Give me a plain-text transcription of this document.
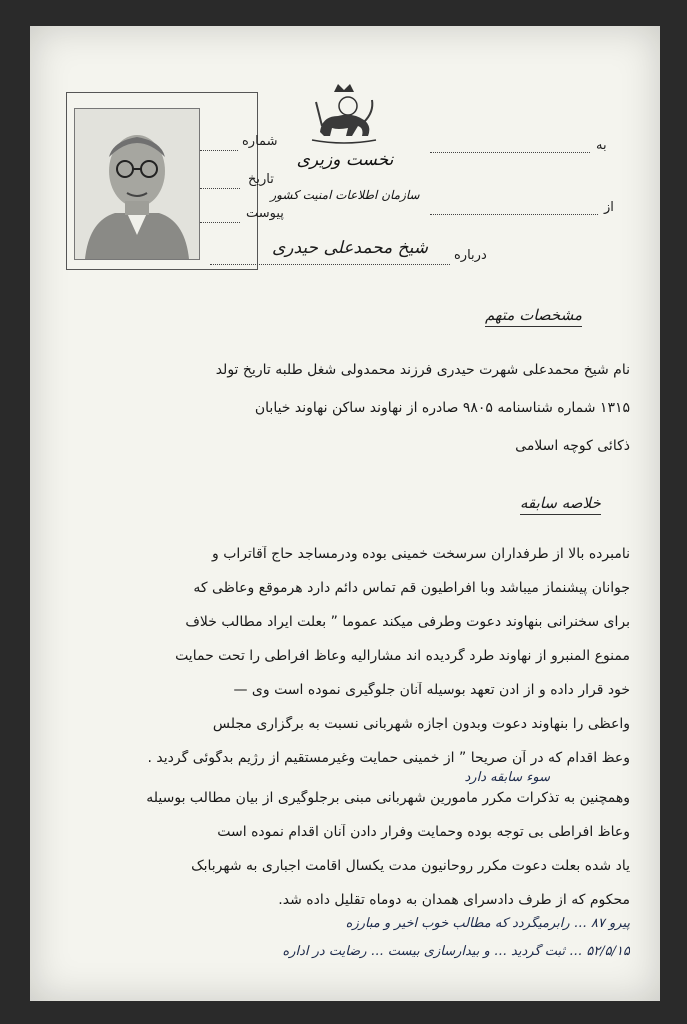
شماره
تاریخ
پیوست
نخست وزیری
سازمان اطلاعات امنیت کشور
به
از
درباره
شیخ محمدعلی حیدری
مشخصات متهم
نام شیخ محمدعلی شهرت حیدری فرزند محمدولی شغل طلبه تاریخ تولد
۱۳۱۵ شماره شناسنامه ۹۸۰۵ صادره از نهاوند ساکن نهاوند خیابان
ذکائی کوچه اسلامی
خلاصه سابقه
نامبرده بالا از طرفداران سرسخت خمینی بوده ودرمساجد حاج آقاتراب و
جوانان پیشنماز میباشد وبا افراطیون قم تماس دائم دارد هرموقع وعاظی که
برای سخنرانی بنهاوند دعوت وطرفی میکند عموما ” بعلت ایراد مطالب خلاف
ممنوع المنبرو از نهاوند طرد گردیده اند مشارالیه وعاظ افراطی را تحت حمایت
خود قرار داده و از ادن تعهد بوسیله آنان جلوگیری نموده است وی —
واعظی را بنهاوند دعوت وبدون اجازه شهربانی نسبت به برگزاری مجلس
وعظ اقدام که در آن صریحا ” از خمینی حمایت وغیرمستقیم از رژیم بدگوئی گردید .
سوء سابقه دارد
وهمچنین به تذکرات مکرر مامورین شهربانی مبنی برجلوگیری از بیان مطالب بوسیله
وعاظ افراطی بی توجه بوده وحمایت وفرار دادن آنان اقدام نموده است
یاد شده بعلت دعوت مکرر روحانیون مدت یکسال اقامت اجباری به شهربابک
محکوم که از طرف دادسرای همدان به دوماه تقلیل داده شد.
پیرو ۸۷ … رابرمیگردد که مطالب خوب اخیر و مبارزه
۵۲/۵/۱۵ … ثبت گردید … و بیدارسازی بیست … رضایت در اداره
